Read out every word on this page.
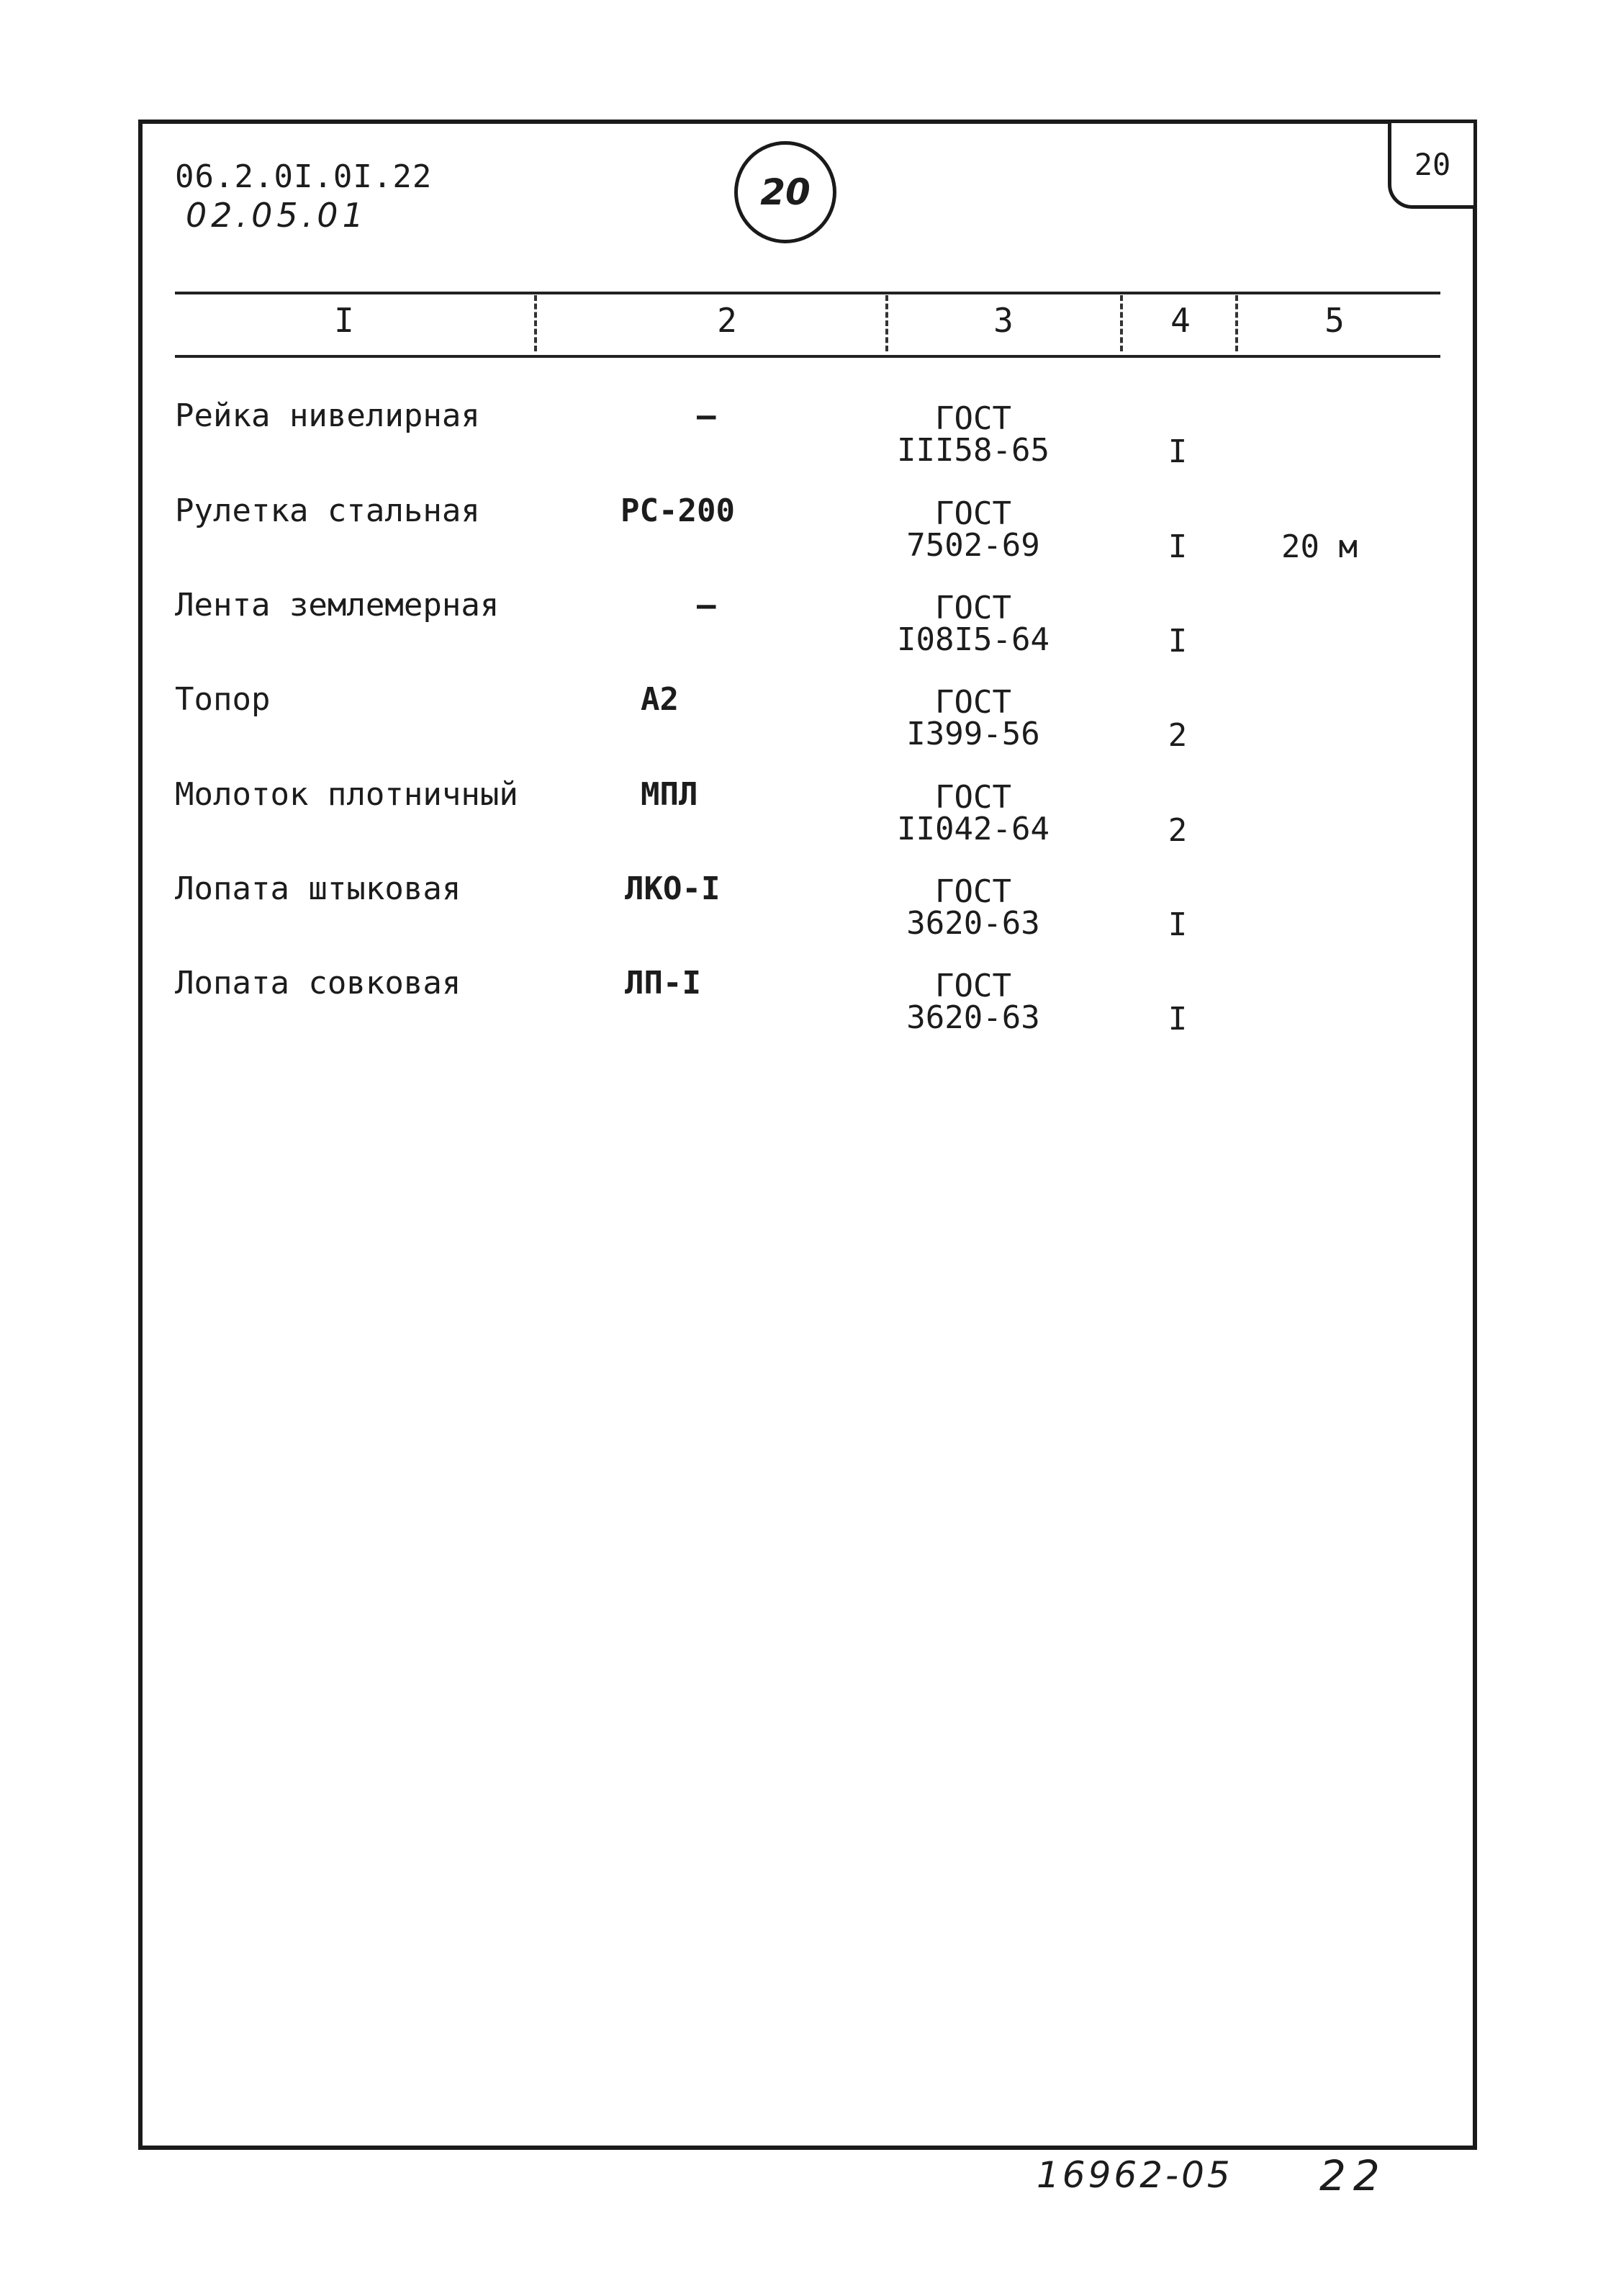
06.2.0I.0I.22
02.05.01
20
20
I	2	3	4	5
Рейка нивелирная	–	ГОСТ
III58-65	I
Рулетка стальная	РС-200	ГОСТ
7502-69	I	20 м
Лента землемерная	–	ГОСТ
I08I5-64	I
Топор	А2	ГОСТ
I399-56	2
Молоток плотничный	МПЛ	ГОСТ
II042-64	2
Лопата штыковая	ЛКО-I	ГОСТ
3620-63	I
Лопата совковая	ЛП-I	ГОСТ
3620-63	I
16962-05 22
